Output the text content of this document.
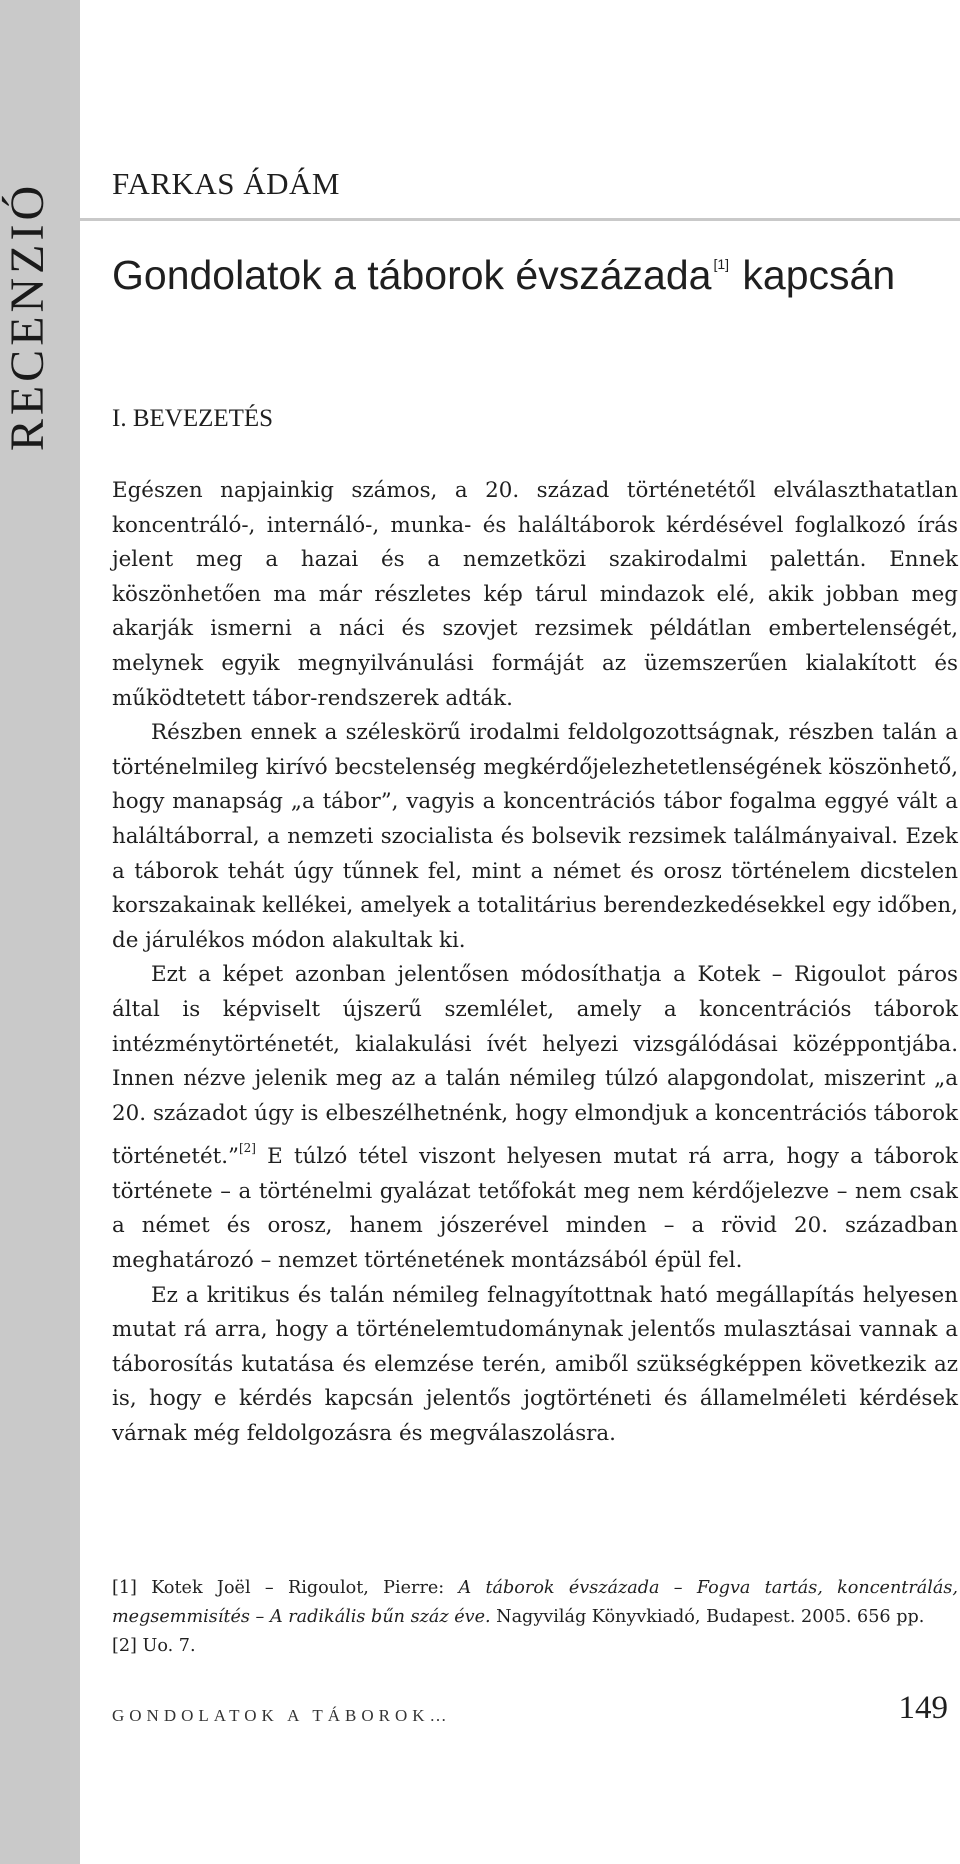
RECENZIÓ FARKAS ÁDÁM
Gondolatok a táborok évszázada [1] kapcsán
I. BEVEZETÉS

Egészen napjainkig számos, a 20. század történetétől elválaszthatatlan koncentráló-, internáló-, munka- és haláltáborok kérdésével foglalkozó írás jelent meg a hazai és a nemzetközi szakirodalmi palettán. Ennek köszönhetően ma már részletes kép tárul mindazok elé, akik jobban meg akarják ismerni a náci és szovjet rezsimek példátlan embertelenségét, melynek egyik megnyilvánulási formáját az üzemszerűen kialakított és működtetett tábor-rendszerek adták.

Részben ennek a széleskörű irodalmi feldolgozottságnak, részben talán a történelmileg kirívó becstelenség megkérdőjelezhetetlenségének köszönhető, hogy manapság „a tábor”, vagyis a koncentrációs tábor fogalma eggyé vált a haláltáborral, a nemzeti szocialista és bolsevik rezsimek találmányaival. Ezek a táborok tehát úgy tűnnek fel, mint a német és orosz történelem dicstelen korszakainak kellékei, amelyek a totalitárius berendezkedésekkel egy időben, de járulékos módon alakultak ki.

Ezt a képet azonban jelentősen módosíthatja a Kotek – Rigoulot páros által is képviselt újszerű szemlélet, amely a koncentrációs táborok intézménytörténetét, kialakulási ívét helyezi vizsgálódásai középpontjába. Innen nézve jelenik meg az a talán némileg túlzó alapgondolat, miszerint „a 20. századot úgy is elbeszélhetnénk, hogy elmondjuk a koncentrációs táborok történetét.”[2] E túlzó tétel viszont helyesen mutat rá arra, hogy a táborok története – a történelmi gyalázat tetőfokát meg nem kérdőjelezve – nem csak a német és orosz, hanem jószerével minden – a rövid 20. században meghatározó – nemzet történetének montázsából épül fel.

Ez a kritikus és talán némileg felnagyítottnak ható megállapítás helyesen mutat rá arra, hogy a történelemtudománynak jelentős mulasztásai vannak a táborosítás kutatása és elemzése terén, amiből szükségképpen következik az is, hogy e kérdés kapcsán jelentős jogtörténeti és államelméleti kérdések várnak még feldolgozásra és megválaszolásra.

[1] Kotek Joël – Rigoulot, Pierre: A táborok évszázada – Fogva tartás, koncentrálás, megsemmisítés – A radikális bűn száz éve. Nagyvilág Könyvkiadó, Budapest. 2005. 656 pp.

[2] Uo. 7.

GONDOLATOK A TÁBOROK…	149
